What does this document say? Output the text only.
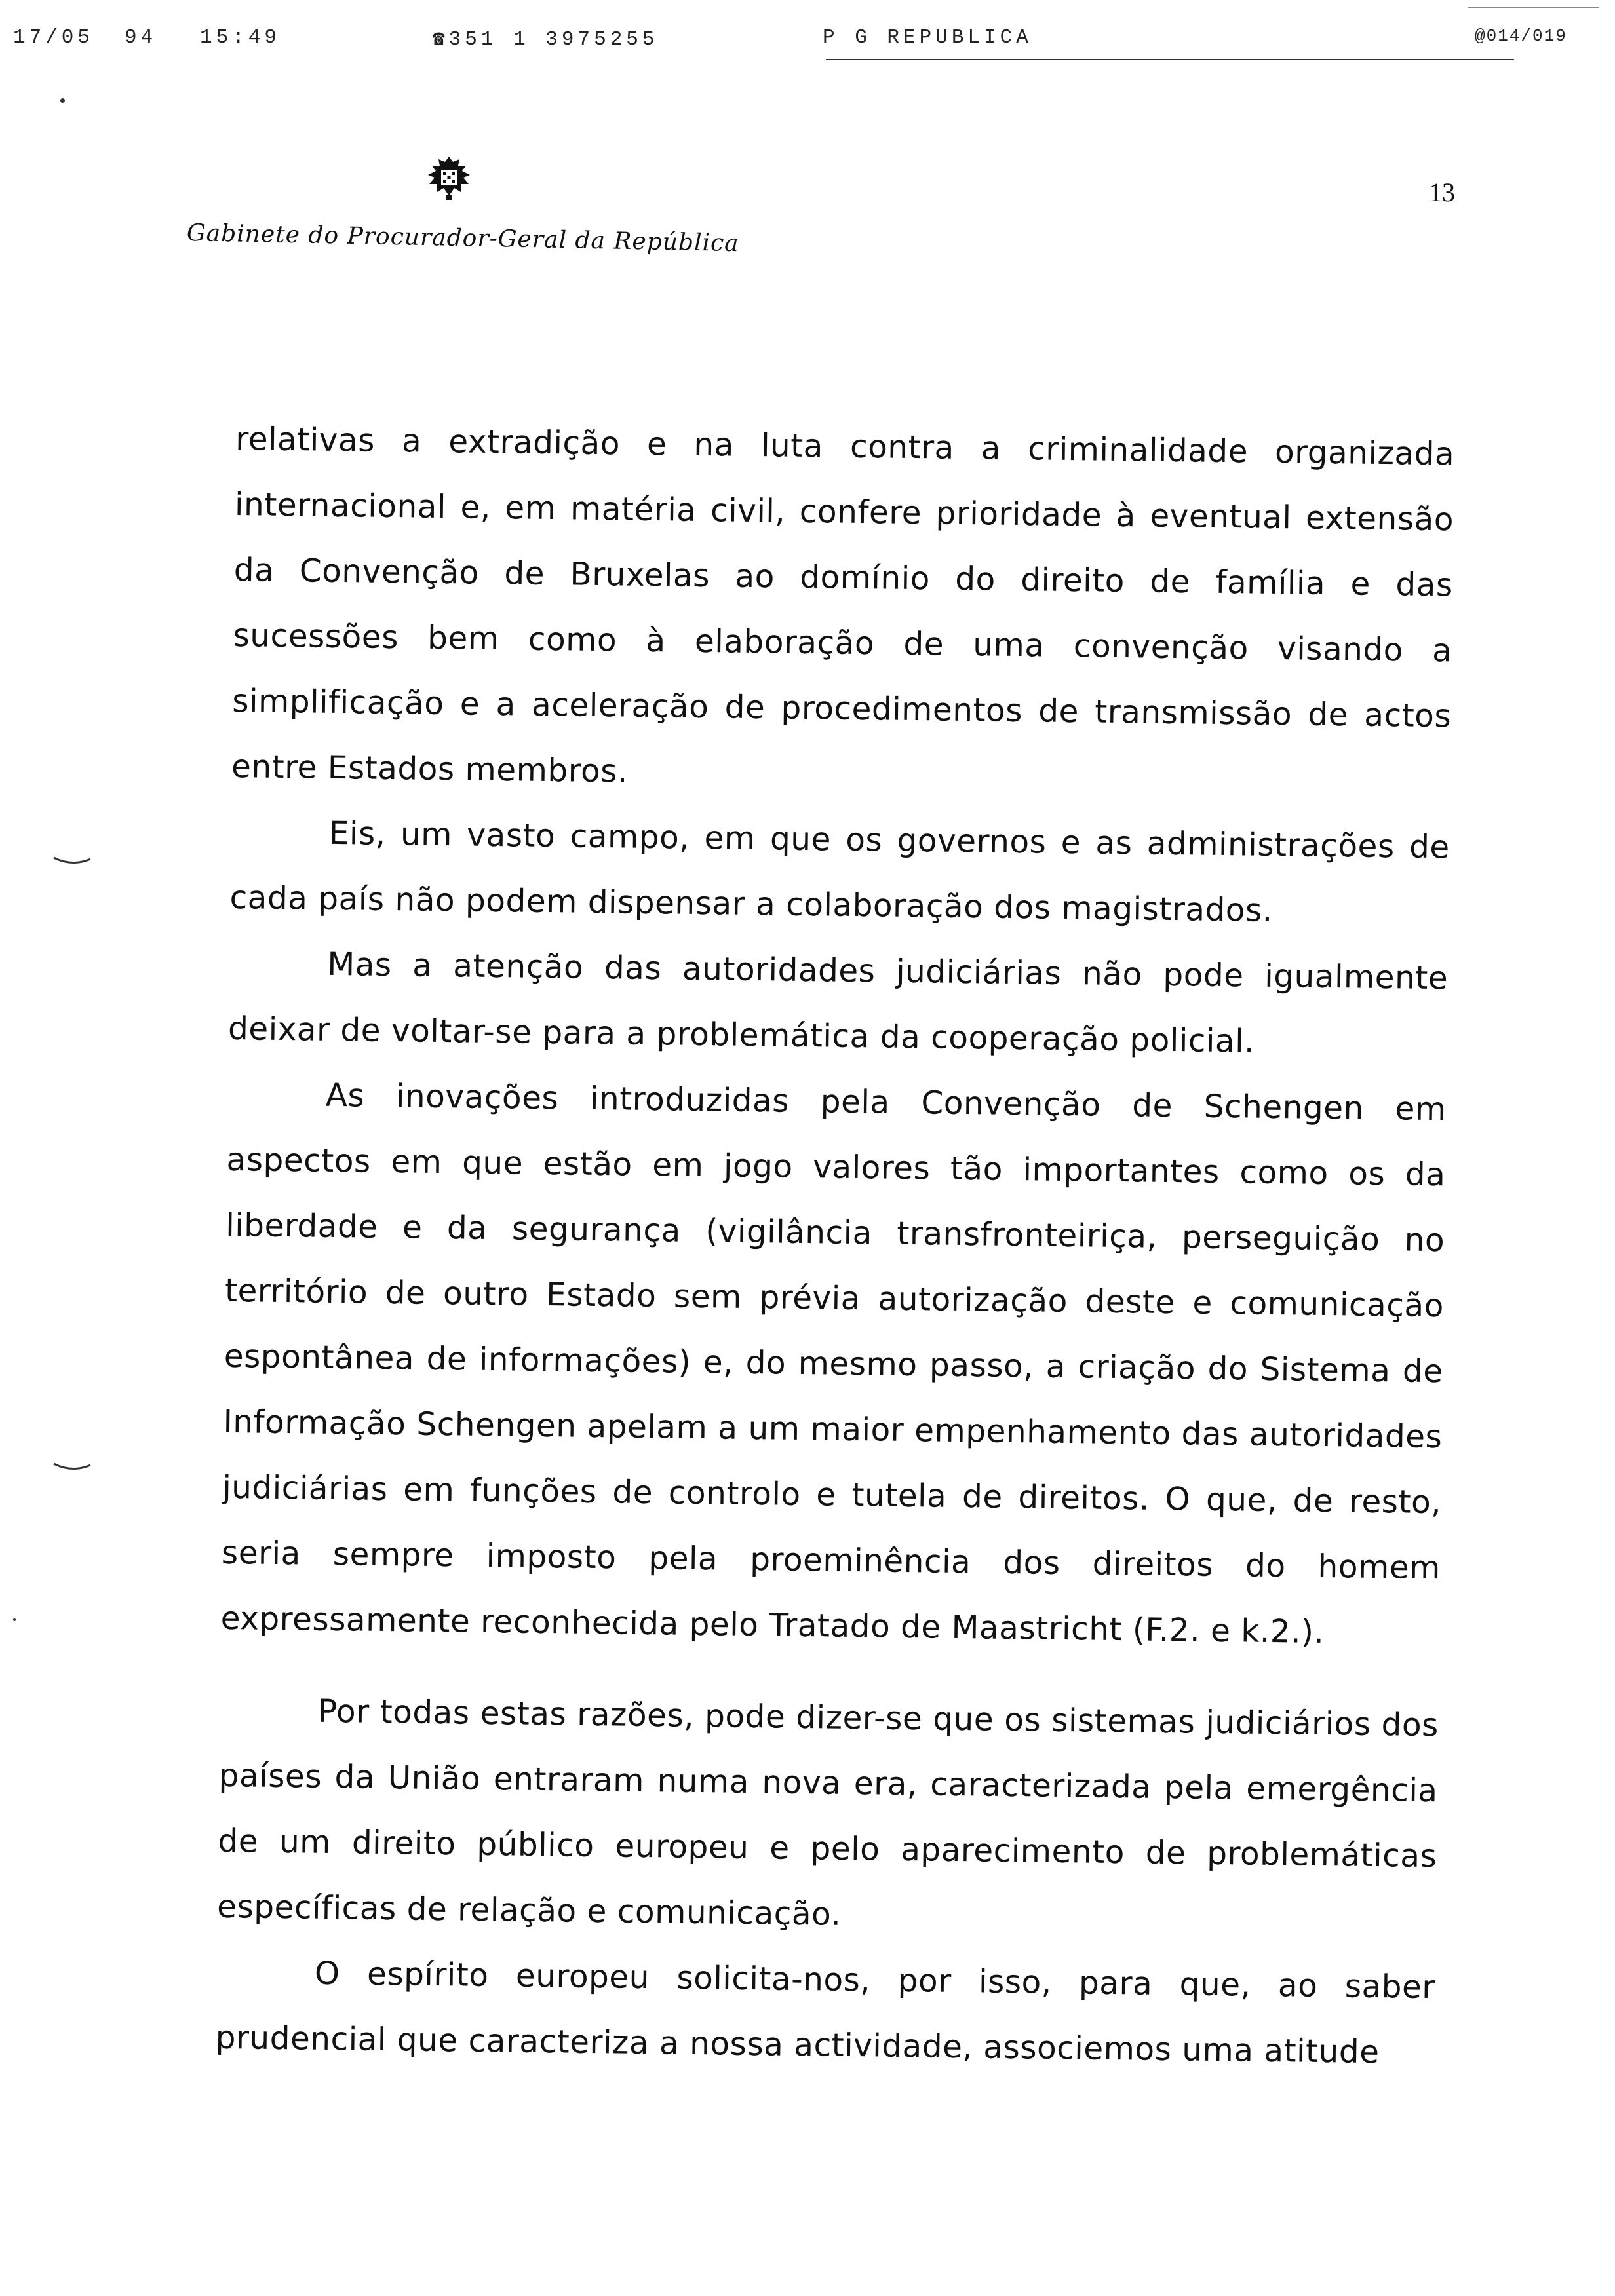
17/05 94 15:49	☎351 1 3975255	P G REPUBLICA	@014/019
Gabinete do Procurador-Geral da República
13

relativas a extradição e na luta contra a criminalidade organizada internacional e, em matéria civil, confere prioridade à eventual extensão da Convenção de Bruxelas ao domínio do direito de família e das sucessões bem como à elaboração de uma convenção visando a simplificação e a aceleração de procedimentos de transmissão de actos entre Estados membros.

Eis, um vasto campo, em que os governos e as administrações de cada país não podem dispensar a colaboração dos magistrados.

Mas a atenção das autoridades judiciárias não pode igualmente deixar de voltar-se para a problemática da cooperação policial.

As inovações introduzidas pela Convenção de Schengen em aspectos em que estão em jogo valores tão importantes como os da liberdade e da segurança (vigilância transfronteiriça, perseguição no território de outro Estado sem prévia autorização deste e comunicação espontânea de informações) e, do mesmo passo, a criação do Sistema de Informação Schengen apelam a um maior empenhamento das autoridades judiciárias em funções de controlo e tutela de direitos. O que, de resto, seria sempre imposto pela proeminência dos direitos do homem expressamente reconhecida pelo Tratado de Maastricht (F.2. e k.2.).

Por todas estas razões, pode dizer-se que os sistemas judiciários dos países da União entraram numa nova era, caracterizada pela emergência de um direito público europeu e pelo aparecimento de problemáticas específicas de relação e comunicação.

O espírito europeu solicita-nos, por isso, para que, ao saber prudencial que caracteriza a nossa actividade, associemos uma atitude
